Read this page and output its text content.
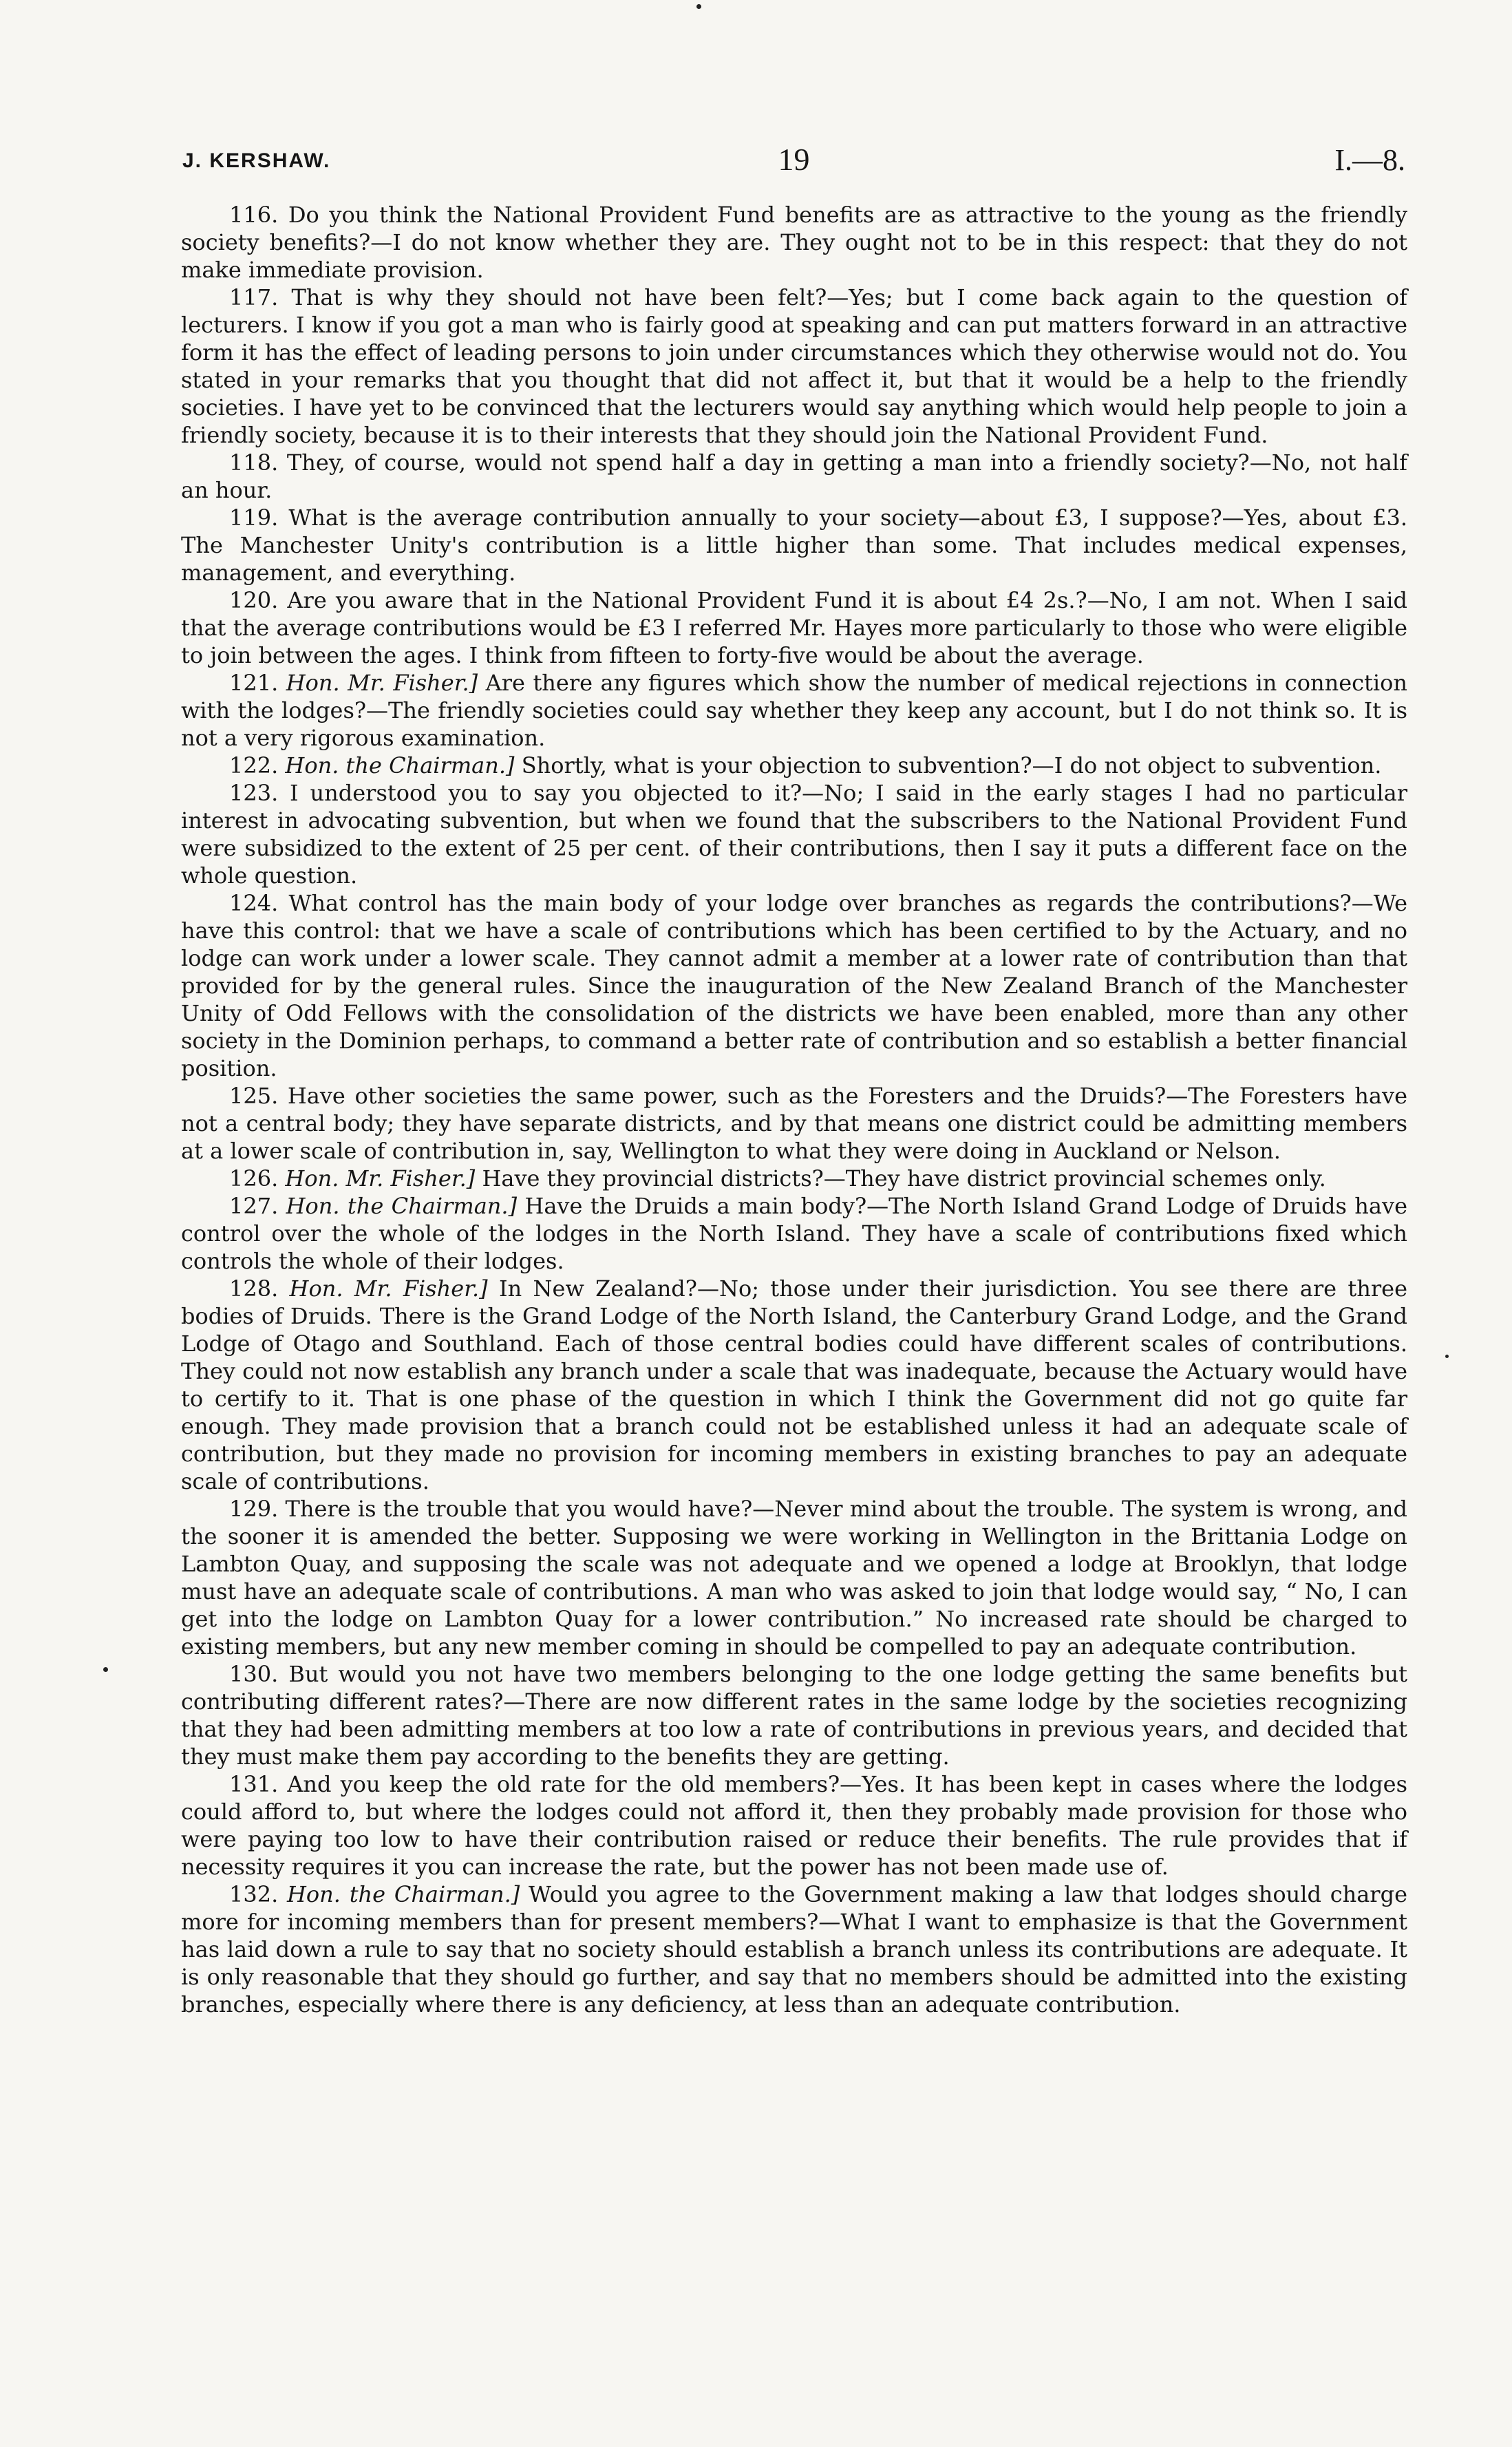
J. KERSHAW.	19	I.—8.

116. Do you think the National Provident Fund benefits are as attractive to the young as the friendly society benefits?—I do not know whether they are. They ought not to be in this respect: that they do not make immediate provision.

117. That is why they should not have been felt?—Yes; but I come back again to the question of lecturers. I know if you got a man who is fairly good at speaking and can put matters forward in an attractive form it has the effect of leading persons to join under circumstances which they otherwise would not do. You stated in your remarks that you thought that did not affect it, but that it would be a help to the friendly societies. I have yet to be convinced that the lecturers would say anything which would help people to join a friendly society, because it is to their interests that they should join the National Provident Fund.

118. They, of course, would not spend half a day in getting a man into a friendly society?—No, not half an hour.

119. What is the average contribution annually to your society—about £3, I suppose?—Yes, about £3. The Manchester Unity's contribution is a little higher than some. That includes medical expenses, management, and everything.

120. Are you aware that in the National Provident Fund it is about £4 2s.?—No, I am not. When I said that the average contributions would be £3 I referred Mr. Hayes more particularly to those who were eligible to join between the ages. I think from fifteen to forty-five would be about the average.

121. Hon. Mr. Fisher.] Are there any figures which show the number of medical rejections in connection with the lodges?—The friendly societies could say whether they keep any account, but I do not think so. It is not a very rigorous examination.

122. Hon. the Chairman.] Shortly, what is your objection to subvention?—I do not object to subvention.

123. I understood you to say you objected to it?—No; I said in the early stages I had no particular interest in advocating subvention, but when we found that the subscribers to the National Provident Fund were subsidized to the extent of 25 per cent. of their contributions, then I say it puts a different face on the whole question.

124. What control has the main body of your lodge over branches as regards the contributions?—We have this control: that we have a scale of contributions which has been certified to by the Actuary, and no lodge can work under a lower scale. They cannot admit a member at a lower rate of contribution than that provided for by the general rules. Since the inauguration of the New Zealand Branch of the Manchester Unity of Odd Fellows with the consolidation of the districts we have been enabled, more than any other society in the Dominion perhaps, to command a better rate of contribution and so establish a better financial position.

125. Have other societies the same power, such as the Foresters and the Druids?—The Foresters have not a central body; they have separate districts, and by that means one district could be admitting members at a lower scale of contribution in, say, Wellington to what they were doing in Auckland or Nelson.

126. Hon. Mr. Fisher.] Have they provincial districts?—They have district provincial schemes only.

127. Hon. the Chairman.] Have the Druids a main body?—The North Island Grand Lodge of Druids have control over the whole of the lodges in the North Island. They have a scale of contributions fixed which controls the whole of their lodges.

128. Hon. Mr. Fisher.] In New Zealand?—No; those under their jurisdiction. You see there are three bodies of Druids. There is the Grand Lodge of the North Island, the Canterbury Grand Lodge, and the Grand Lodge of Otago and Southland. Each of those central bodies could have different scales of contributions. They could not now establish any branch under a scale that was inadequate, because the Actuary would have to certify to it. That is one phase of the question in which I think the Government did not go quite far enough. They made provision that a branch could not be established unless it had an adequate scale of contribution, but they made no provision for incoming members in existing branches to pay an adequate scale of contributions.

129. There is the trouble that you would have?—Never mind about the trouble. The system is wrong, and the sooner it is amended the better. Supposing we were working in Wellington in the Brittania Lodge on Lambton Quay, and supposing the scale was not adequate and we opened a lodge at Brooklyn, that lodge must have an adequate scale of contributions. A man who was asked to join that lodge would say, “ No, I can get into the lodge on Lambton Quay for a lower contribution.” No increased rate should be charged to existing members, but any new member coming in should be compelled to pay an adequate contribution.

130. But would you not have two members belonging to the one lodge getting the same benefits but contributing different rates?—There are now different rates in the same lodge by the societies recognizing that they had been admitting members at too low a rate of contributions in previous years, and decided that they must make them pay according to the benefits they are getting.

131. And you keep the old rate for the old members?—Yes. It has been kept in cases where the lodges could afford to, but where the lodges could not afford it, then they probably made provision for those who were paying too low to have their contribution raised or reduce their benefits. The rule provides that if necessity requires it you can increase the rate, but the power has not been made use of.

132. Hon. the Chairman.] Would you agree to the Government making a law that lodges should charge more for incoming members than for present members?—What I want to emphasize is that the Government has laid down a rule to say that no society should establish a branch unless its contributions are adequate. It is only reasonable that they should go further, and say that no members should be admitted into the existing branches, especially where there is any deficiency, at less than an adequate contribution.
